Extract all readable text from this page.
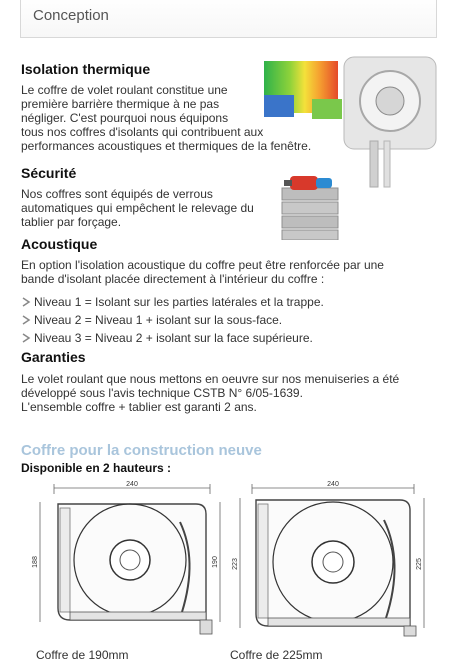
Conception
Isolation thermique
Le coffre de volet roulant constitue une
première barrière thermique à ne pas
négliger. C'est pourquoi nous équipons
tous nos coffres d'isolants qui contribuent aux
performances acoustiques et thermiques de la fenêtre.
Sécurité
Nos coffres sont équipés de verrous
automatiques qui empêchent le relevage du
tablier par forçage.
Acoustique
En option l'isolation acoustique du coffre peut être renforcée par une
bande d'isolant placée directement à l'intérieur du coffre :
Niveau 1 = Isolant sur les parties latérales et la trappe.
Niveau 2 = Niveau 1 + isolant sur la sous-face.
Niveau 3 = Niveau 2 + isolant sur la face supérieure.
Garanties
Le volet roulant que nous mettons en oeuvre sur nos menuiseries a été
développé sous l'avis technique CSTB N° 6/05-1639.
L'ensemble coffre + tablier est garanti 2 ans.
Coffre pour la construction neuve
Disponible en 2 hauteurs :
240
188	190
Coffre de 190mm
240
223	225
Coffre de 225mm
